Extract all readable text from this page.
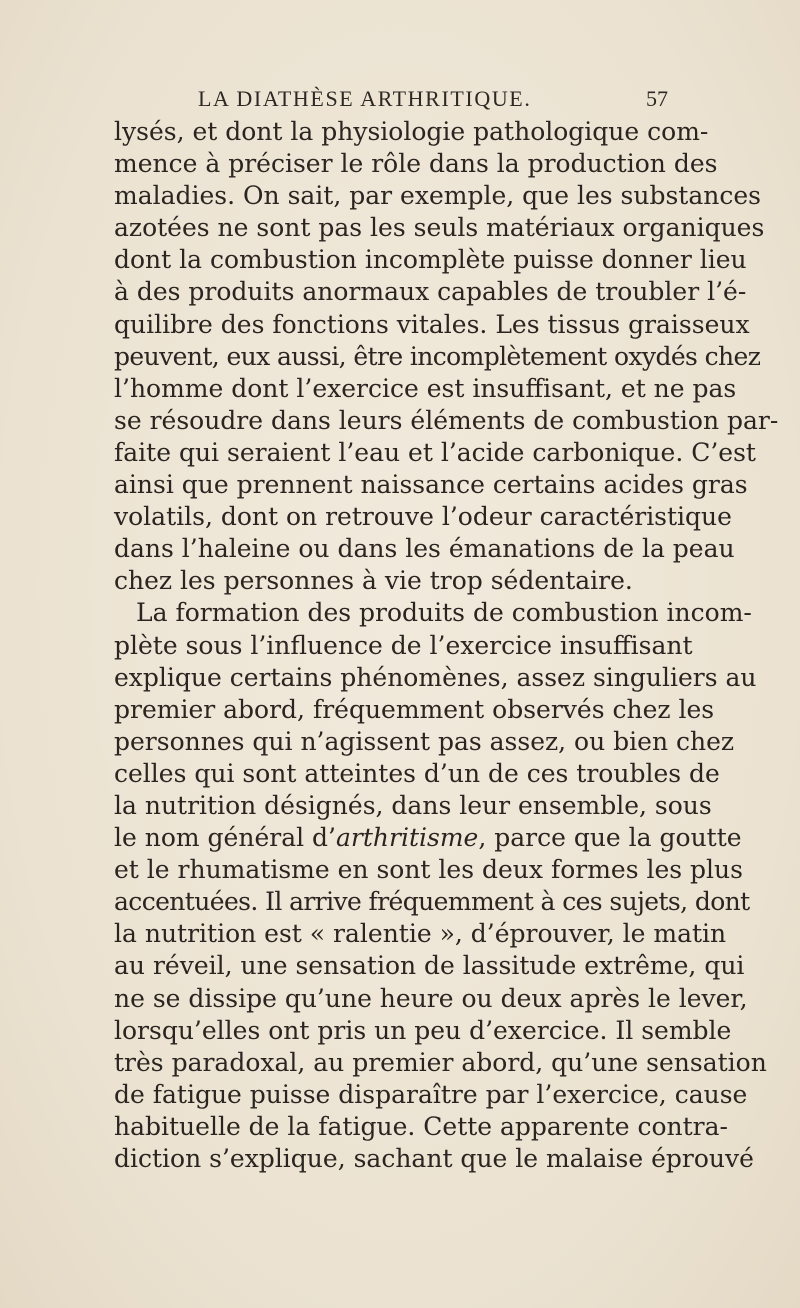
LA DIATHÈSE ARTHRITIQUE.	57
lysés, et dont la physiologie pathologique com-
mence à préciser le rôle dans la production des
maladies. On sait, par exemple, que les substances
azotées ne sont pas les seuls matériaux organiques
dont la combustion incomplète puisse donner lieu
à des produits anormaux capables de troubler l’é-
quilibre des fonctions vitales. Les tissus graisseux
peuvent, eux aussi, être incomplètement oxydés chez
l’homme dont l’exercice est insuffisant, et ne pas
se résoudre dans leurs éléments de combustion par-
faite qui seraient l’eau et l’acide carbonique. C’est
ainsi que prennent naissance certains acides gras
volatils, dont on retrouve l’odeur caractéristique
dans l’haleine ou dans les émanations de la peau
chez les personnes à vie trop sédentaire.
La formation des produits de combustion incom-
plète sous l’influence de l’exercice insuffisant
explique certains phénomènes, assez singuliers au
premier abord, fréquemment observés chez les
personnes qui n’agissent pas assez, ou bien chez
celles qui sont atteintes d’un de ces troubles de
la nutrition désignés, dans leur ensemble, sous
le nom général d’arthritisme, parce que la goutte
et le rhumatisme en sont les deux formes les plus
accentuées. Il arrive fréquemment à ces sujets, dont
la nutrition est « ralentie », d’éprouver, le matin
au réveil, une sensation de lassitude extrême, qui
ne se dissipe qu’une heure ou deux après le lever,
lorsqu’elles ont pris un peu d’exercice. Il semble
très paradoxal, au premier abord, qu’une sensation
de fatigue puisse disparaître par l’exercice, cause
habituelle de la fatigue. Cette apparente contra-
diction s’explique, sachant que le malaise éprouvé
